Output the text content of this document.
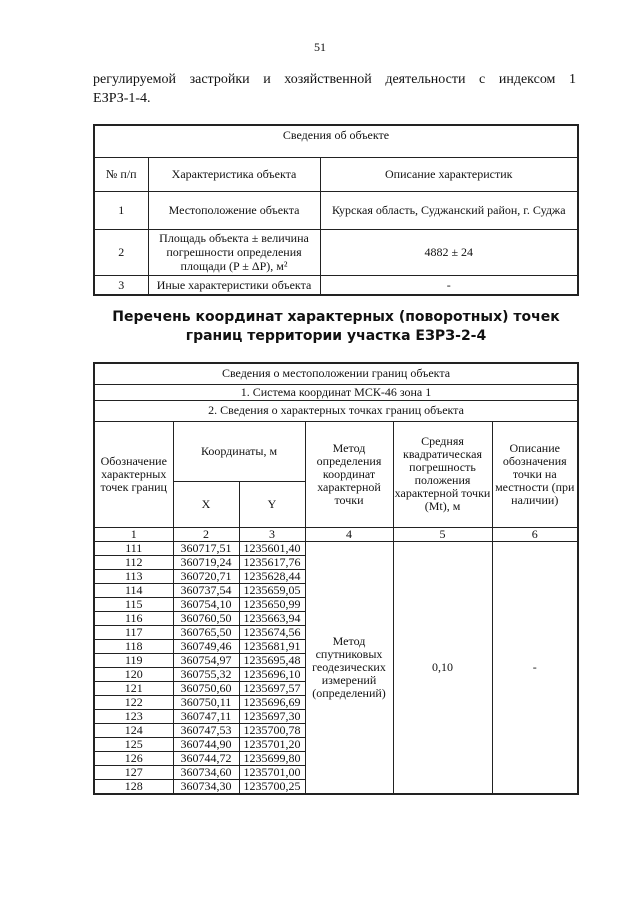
51
регулируемой застройки и хозяйственной деятельности с индексом 1
ЕЗРЗ-1-4.
Сведения об объекте		
№ п/п	Характеристика объекта	Описание характеристик
1	Местоположение объекта	Курская область, Суджанский район, г. Суджа
2	Площадь объекта ± величина погрешности определения площади (P ± ΔP), м²	4882 ± 24
3	Иные характеристики объекта	-
Перечень координат характерных (поворотных) точек
границ территории участка ЕЗРЗ-2-4
Сведения о местоположении границ объекта					
1. Система координат МСК-46 зона 1					
2. Сведения о характерных точках границ объекта					
Обозначение характерных точек границ	Координаты, м		Метод определения координат характерной точки	Средняя квадратическая погрешность положения характерной точки (Mt), м	Описание обозначения точки на местности (при наличии)
	X	Y			
1	2	3	4	5	6
111	360717,51	1235601,40	Метод спутниковых геодезических измерений (определений)	0,10	-
112	360719,24	1235617,76			
113	360720,71	1235628,44			
114	360737,54	1235659,05			
115	360754,10	1235650,99			
116	360760,50	1235663,94			
117	360765,50	1235674,56			
118	360749,46	1235681,91			
119	360754,97	1235695,48			
120	360755,32	1235696,10			
121	360750,60	1235697,57			
122	360750,11	1235696,69			
123	360747,11	1235697,30			
124	360747,53	1235700,78			
125	360744,90	1235701,20			
126	360744,72	1235699,80			
127	360734,60	1235701,00			
128	360734,30	1235700,25			
